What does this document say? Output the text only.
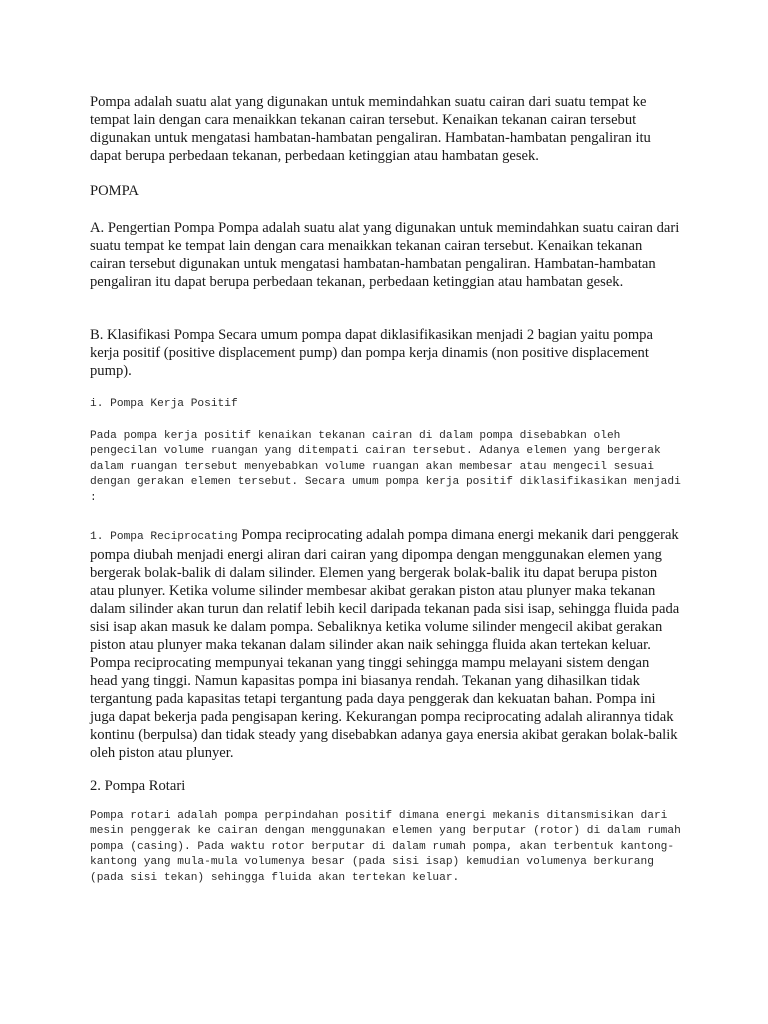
Pompa adalah suatu alat yang digunakan untuk memindahkan suatu cairan dari suatu tempat ke tempat lain dengan cara menaikkan tekanan cairan tersebut. Kenaikan tekanan cairan tersebut digunakan untuk mengatasi hambatan-hambatan pengaliran. Hambatan-hambatan pengaliran itu dapat berupa perbedaan tekanan, perbedaan ketinggian atau hambatan gesek.

POMPA

A. Pengertian Pompa Pompa adalah suatu alat yang digunakan untuk memindahkan suatu cairan dari suatu tempat ke tempat lain dengan cara menaikkan tekanan cairan tersebut. Kenaikan tekanan cairan tersebut digunakan untuk mengatasi hambatan-hambatan pengaliran. Hambatan-hambatan pengaliran itu dapat berupa perbedaan tekanan, perbedaan ketinggian atau hambatan gesek.

B. Klasifikasi Pompa Secara umum pompa dapat diklasifikasikan menjadi 2 bagian yaitu pompa kerja positif (positive displacement pump) dan pompa kerja dinamis (non positive displacement pump).

i. Pompa Kerja Positif

Pada pompa kerja positif kenaikan tekanan cairan di dalam pompa disebabkan oleh pengecilan volume ruangan yang ditempati cairan tersebut. Adanya elemen yang bergerak dalam ruangan tersebut menyebabkan volume ruangan akan membesar atau mengecil sesuai dengan gerakan elemen tersebut. Secara umum pompa kerja positif diklasifikasikan menjadi :

1. Pompa Reciprocating Pompa reciprocating adalah pompa dimana energi mekanik dari penggerak pompa diubah menjadi energi aliran dari cairan yang dipompa dengan menggunakan elemen yang bergerak bolak-balik di dalam silinder. Elemen yang bergerak bolak-balik itu dapat berupa piston atau plunyer. Ketika volume silinder membesar akibat gerakan piston atau plunyer maka tekanan dalam silinder akan turun dan relatif lebih kecil daripada tekanan pada sisi isap, sehingga fluida pada sisi isap akan masuk ke dalam pompa. Sebaliknya ketika volume silinder mengecil akibat gerakan piston atau plunyer maka tekanan dalam silinder akan naik sehingga fluida akan tertekan keluar. Pompa reciprocating mempunyai tekanan yang tinggi sehingga mampu melayani sistem dengan head yang tinggi. Namun kapasitas pompa ini biasanya rendah. Tekanan yang dihasilkan tidak tergantung pada kapasitas tetapi tergantung pada daya penggerak dan kekuatan bahan. Pompa ini juga dapat bekerja pada pengisapan kering. Kekurangan pompa reciprocating adalah alirannya tidak kontinu (berpulsa) dan tidak steady yang disebabkan adanya gaya enersia akibat gerakan bolak-balik oleh piston atau plunyer.

2. Pompa Rotari

Pompa rotari adalah pompa perpindahan positif dimana energi mekanis ditansmisikan dari mesin penggerak ke cairan dengan menggunakan elemen yang berputar (rotor) di dalam rumah pompa (casing). Pada waktu rotor berputar di dalam rumah pompa, akan terbentuk kantong-kantong yang mula-mula volumenya besar (pada sisi isap) kemudian volumenya berkurang (pada sisi tekan) sehingga fluida akan tertekan keluar.
